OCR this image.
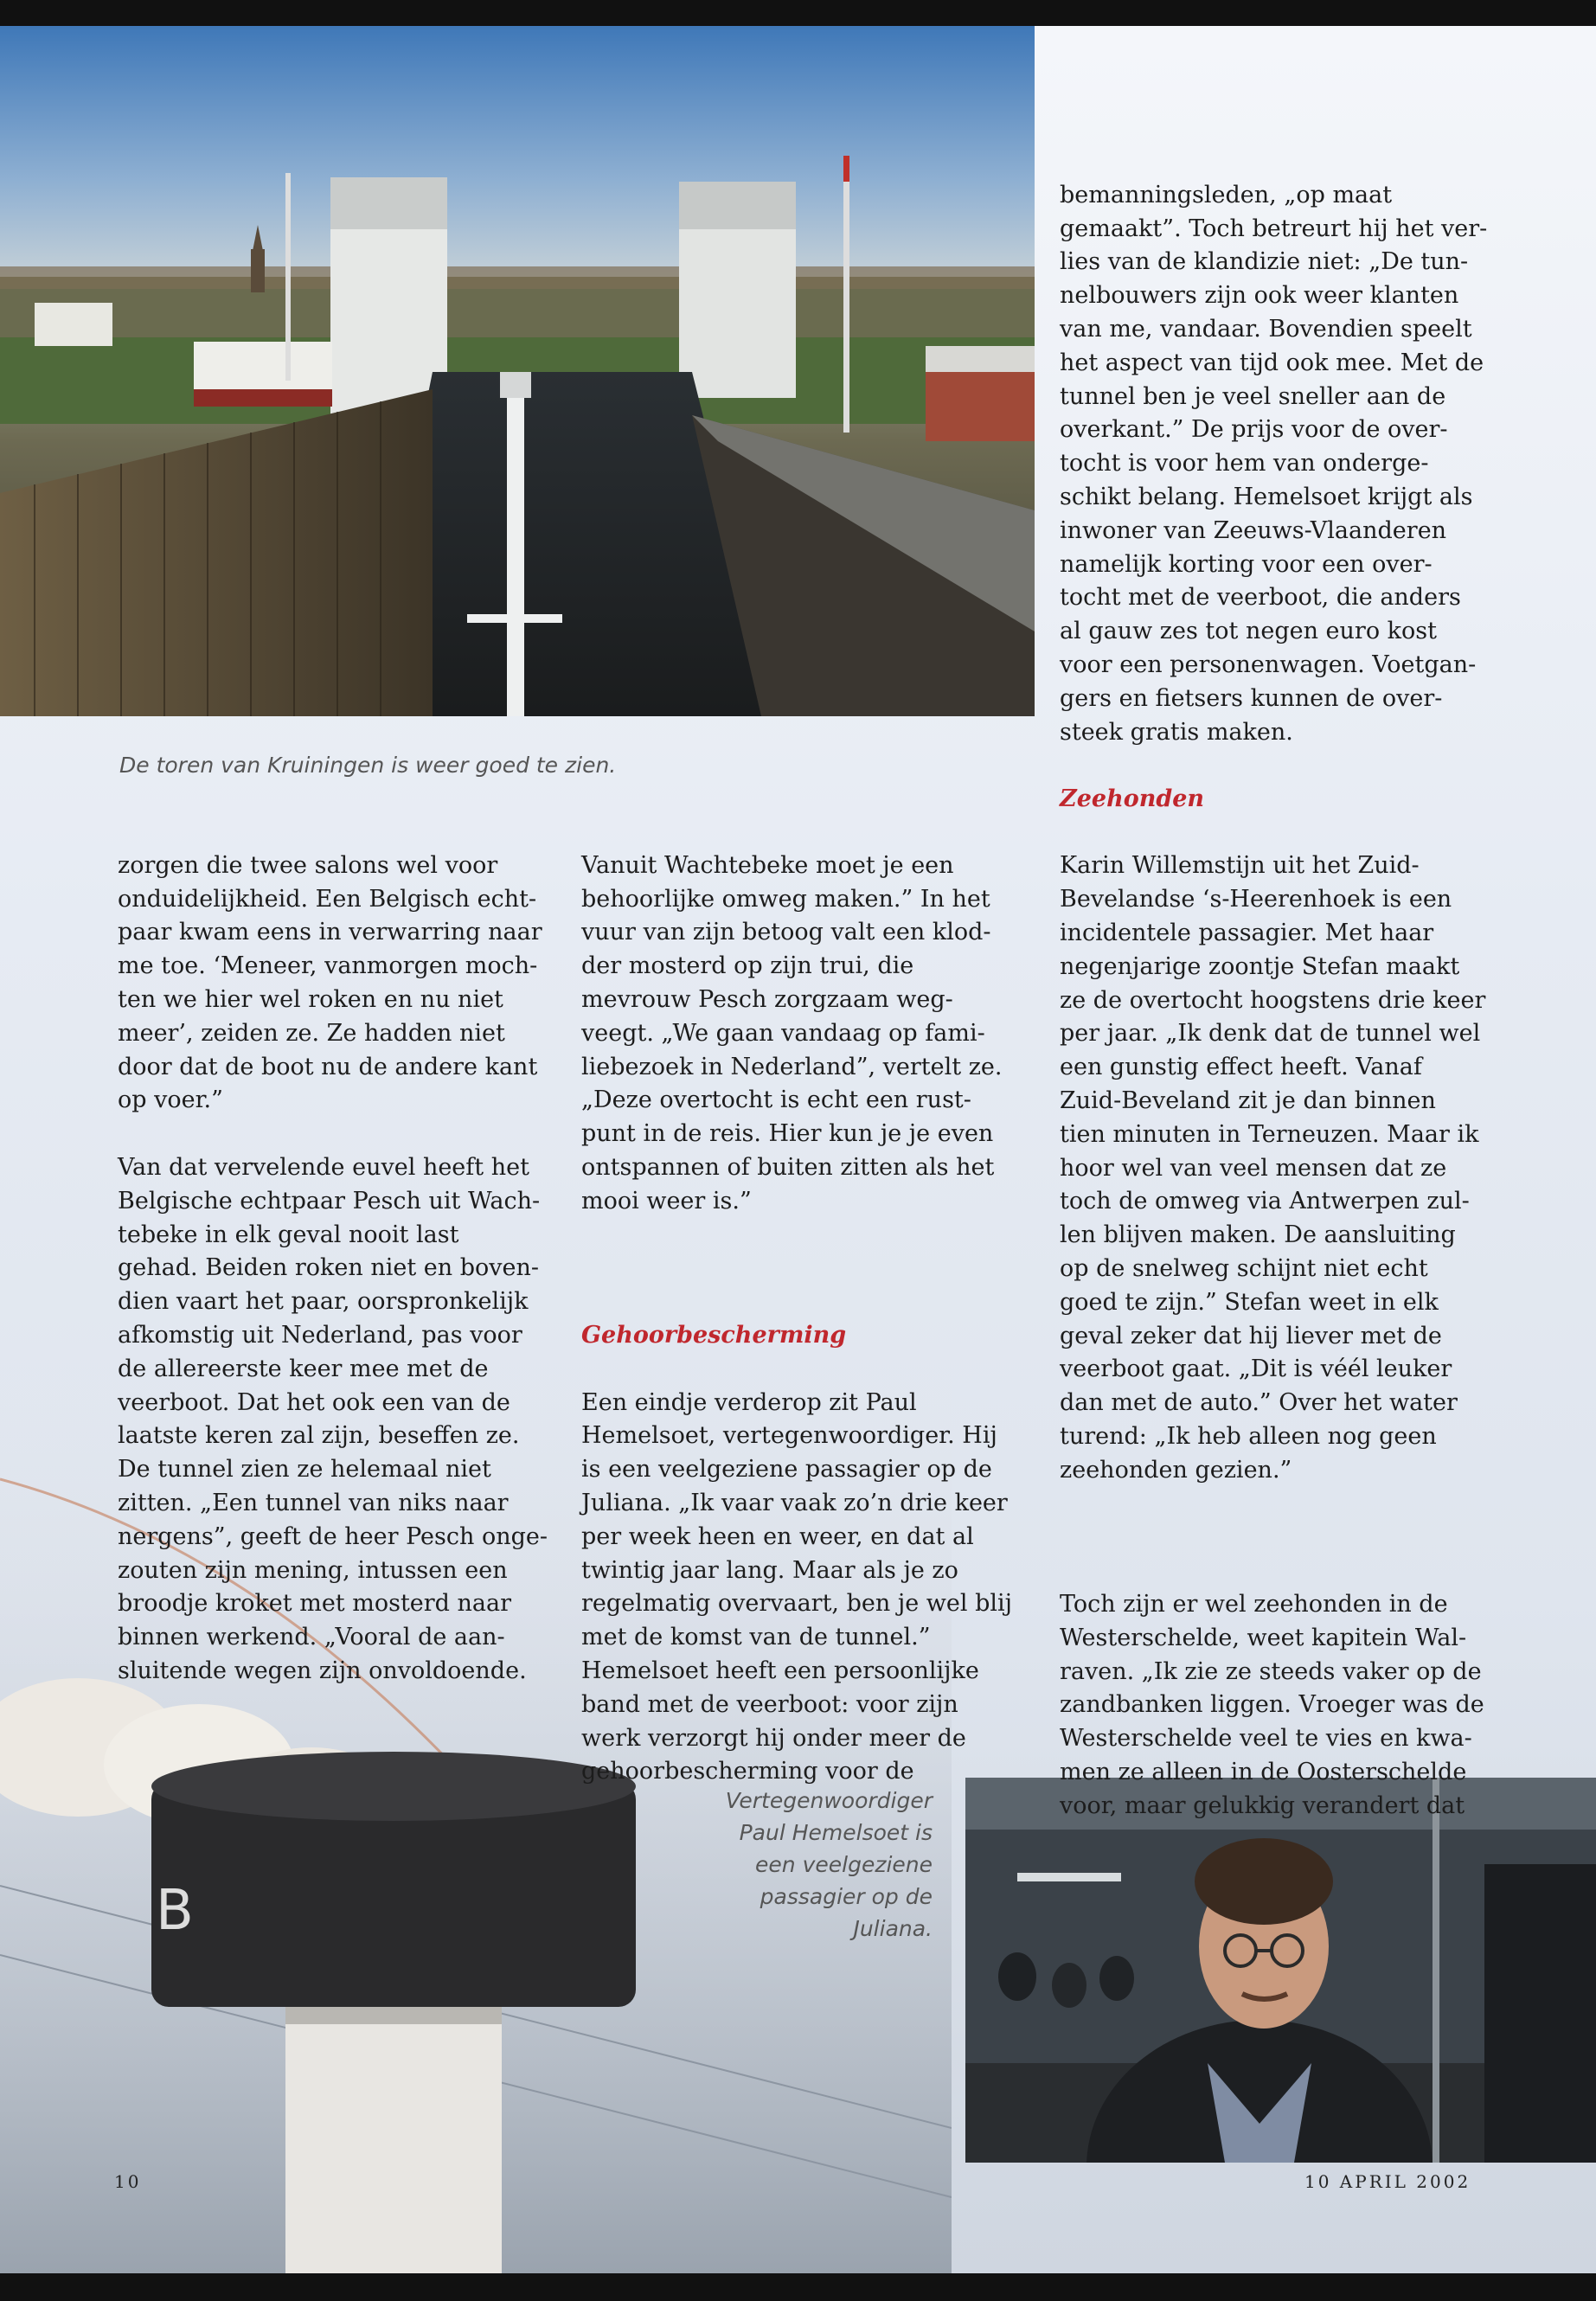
De toren van Kruiningen is weer goed te zien.
B
Vertegenwoordiger
Paul Hemelsoet is
een veelgeziene
passagier op de
Juliana.

zorgen die twee salons wel voor
onduidelijkheid. Een Belgisch echt-
paar kwam eens in verwarring naar
me toe. ‘Meneer, vanmorgen moch-
ten we hier wel roken en nu niet
meer’, zeiden ze. Ze hadden niet
door dat de boot nu de andere kant
op voer.”

Van dat vervelende euvel heeft het
Belgische echtpaar Pesch uit Wach-
tebeke in elk geval nooit last
gehad. Beiden roken niet en boven-
dien vaart het paar, oorspronkelijk
afkomstig uit Nederland, pas voor
de allereerste keer mee met de
veerboot. Dat het ook een van de
laatste keren zal zijn, beseffen ze.
De tunnel zien ze helemaal niet
zitten. „Een tunnel van niks naar
nergens”, geeft de heer Pesch onge-
zouten zijn mening, intussen een
broodje kroket met mosterd naar
binnen werkend. „Vooral de aan-
sluitende wegen zijn onvoldoende.

Vanuit Wachtebeke moet je een
behoorlijke omweg maken.” In het
vuur van zijn betoog valt een klod-
der mosterd op zijn trui, die
mevrouw Pesch zorgzaam weg-
veegt. „We gaan vandaag op fami-
liebezoek in Nederland”, vertelt ze.
„Deze overtocht is echt een rust-
punt in de reis. Hier kun je je even
ontspannen of buiten zitten als het
mooi weer is.”

Gehoorbescherming

Een eindje verderop zit Paul
Hemelsoet, vertegenwoordiger. Hij
is een veelgeziene passagier op de
Juliana. „Ik vaar vaak zo’n drie keer
per week heen en weer, en dat al
twintig jaar lang. Maar als je zo
regelmatig overvaart, ben je wel blij
met de komst van de tunnel.”
Hemelsoet heeft een persoonlijke
band met de veerboot: voor zijn
werk verzorgt hij onder meer de
gehoorbescherming voor de

bemanningsleden, „op maat
gemaakt”. Toch betreurt hij het ver-
lies van de klandizie niet: „De tun-
nelbouwers zijn ook weer klanten
van me, vandaar. Bovendien speelt
het aspect van tijd ook mee. Met de
tunnel ben je veel sneller aan de
overkant.” De prijs voor de over-
tocht is voor hem van onderge-
schikt belang. Hemelsoet krijgt als
inwoner van Zeeuws-Vlaanderen
namelijk korting voor een over-
tocht met de veerboot, die anders
al gauw zes tot negen euro kost
voor een personenwagen. Voetgan-
gers en fietsers kunnen de over-
steek gratis maken.

Zeehonden

Karin Willemstijn uit het Zuid-
Bevelandse ‘s-Heerenhoek is een
incidentele passagier. Met haar
negenjarige zoontje Stefan maakt
ze de overtocht hoogstens drie keer
per jaar. „Ik denk dat de tunnel wel
een gunstig effect heeft. Vanaf
Zuid-Beveland zit je dan binnen
tien minuten in Terneuzen. Maar ik
hoor wel van veel mensen dat ze
toch de omweg via Antwerpen zul-
len blijven maken. De aansluiting
op de snelweg schijnt niet echt
goed te zijn.” Stefan weet in elk
geval zeker dat hij liever met de
veerboot gaat. „Dit is véél leuker
dan met de auto.” Over het water
turend: „Ik heb alleen nog geen
zeehonden gezien.”

Toch zijn er wel zeehonden in de
Westerschelde, weet kapitein Wal-
raven. „Ik zie ze steeds vaker op de
zandbanken liggen. Vroeger was de
Westerschelde veel te vies en kwa-
men ze alleen in de Oosterschelde
voor, maar gelukkig verandert dat

10	10 APRIL 2002
